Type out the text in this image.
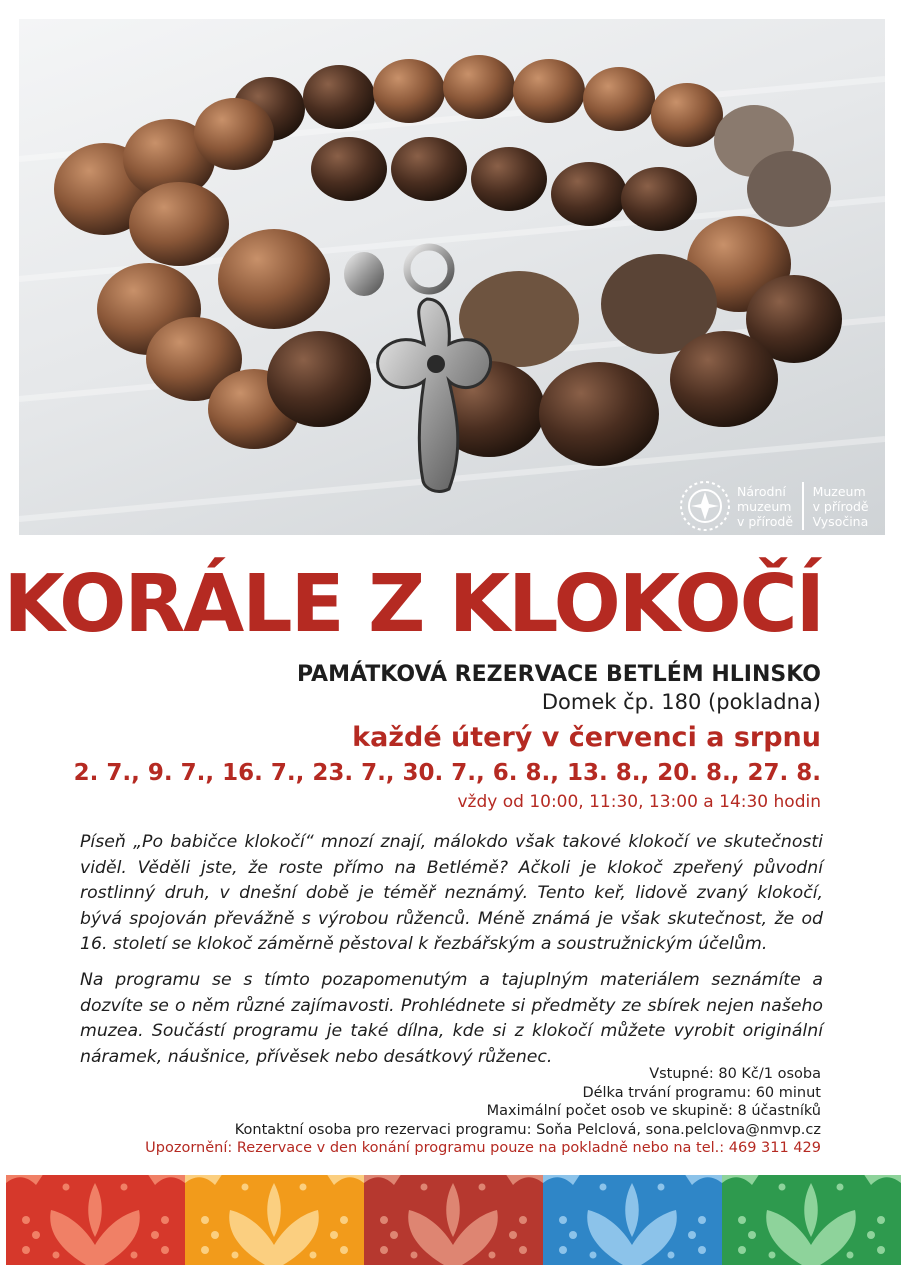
Národní
muzeum
v přírodě
Muzeum
v přírodě
Vysočina
KORÁLE Z KLOKOČÍ
PAMÁTKOVÁ REZERVACE BETLÉM HLINSKO
Domek čp. 180 (pokladna)
každé úterý v červenci a srpnu
2. 7., 9. 7., 16. 7., 23. 7., 30. 7., 6. 8., 13. 8., 20. 8., 27. 8.
vždy od 10:00, 11:30, 13:00 a 14:30 hodin

Píseň „Po babičce klokočí“ mnozí znají, málokdo však takové klokočí ve skutečnosti viděl. Věděli jste, že roste přímo na Betlémě? Ačkoli je klokoč zpeřený původní rostlinný druh, v dnešní době je téměř neznámý. Tento keř, lidově zvaný klokočí, bývá spojován převážně s výrobou růženců. Méně známá je však skutečnost, že od 16. století se klokoč záměrně pěstoval k řezbářským a soustružnickým účelům.

Na programu se s tímto pozapomenutým a tajuplným materiálem seznámíte a dozvíte se o něm různé zajímavosti. Prohlédnete si předměty ze sbírek nejen našeho muzea. Součástí programu je také dílna, kde si z klokočí můžete vyrobit originální náramek, náušnice, přívěsek nebo desátkový růženec.

Vstupné: 80 Kč/1 osoba
Délka trvání programu: 60 minut
Maximální počet osob ve skupině: 8 účastníků
Kontaktní osoba pro rezervaci programu: Soňa Pelclová, sona.pelclova@nmvp.cz
Upozornění: Rezervace v den konání programu pouze na pokladně nebo na tel.: 469 311 429
